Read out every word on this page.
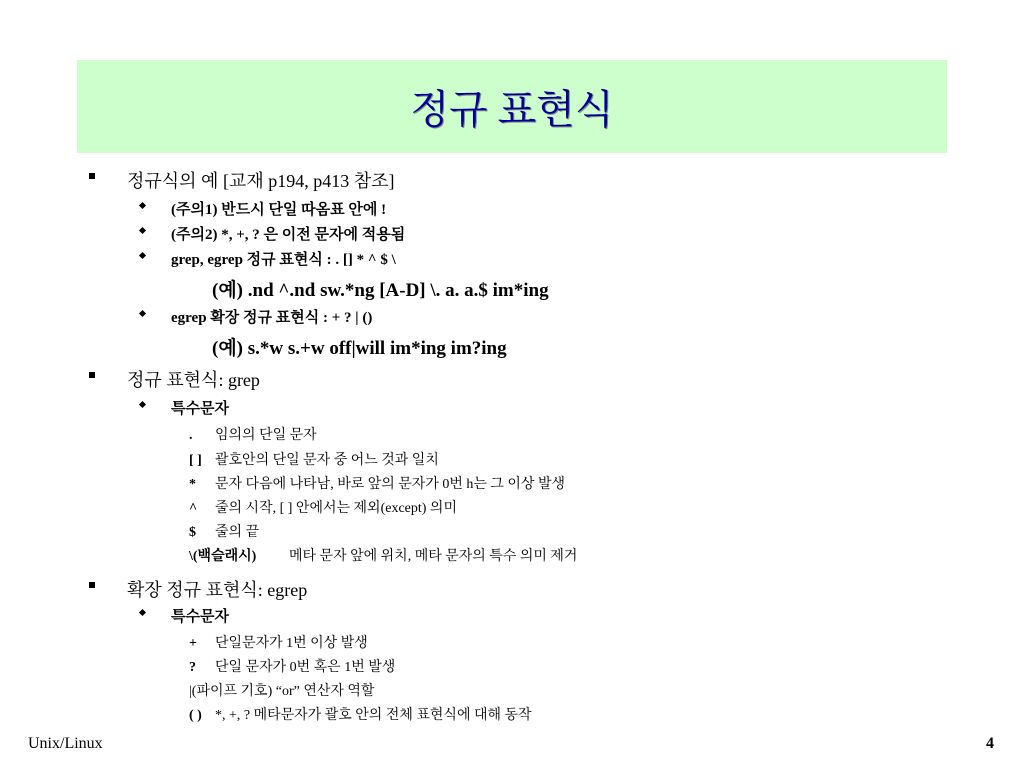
정규 표현식
정규식의 예 [교재 p194, p413 참조]
(주의1) 반드시 단일 따옴표 안에 !
(주의2) *, +, ? 은 이전 문자에 적용됨
grep, egrep 정규 표현식 : . [] * ^ $ \
(예) .nd ^.nd sw.*ng [A-D] \. a. a.$ im*ing
egrep 확장 정규 표현식 : + ? | ()
(예) s.*w s.+w off|will im*ing im?ing
정규 표현식: grep
특수문자
. 임의의 단일 문자
[ ] 괄호안의 단일 문자 중 어느 것과 일치
* 문자 다음에 나타남, 바로 앞의 문자가 0번 h는 그 이상 발생
^ 줄의 시작, [ ] 안에서는 제외(except) 의미
$ 줄의 끝
\(백슬래시) 메타 문자 앞에 위치, 메타 문자의 특수 의미 제거
확장 정규 표현식: egrep
특수문자
+ 단일문자가 1번 이상 발생
? 단일 문자가 0번 혹은 1번 발생
|(파이프 기호) “or” 연산자 역할
( ) *, +, ? 메타문자가 괄호 안의 전체 표현식에 대해 동작
Unix/Linux	4
